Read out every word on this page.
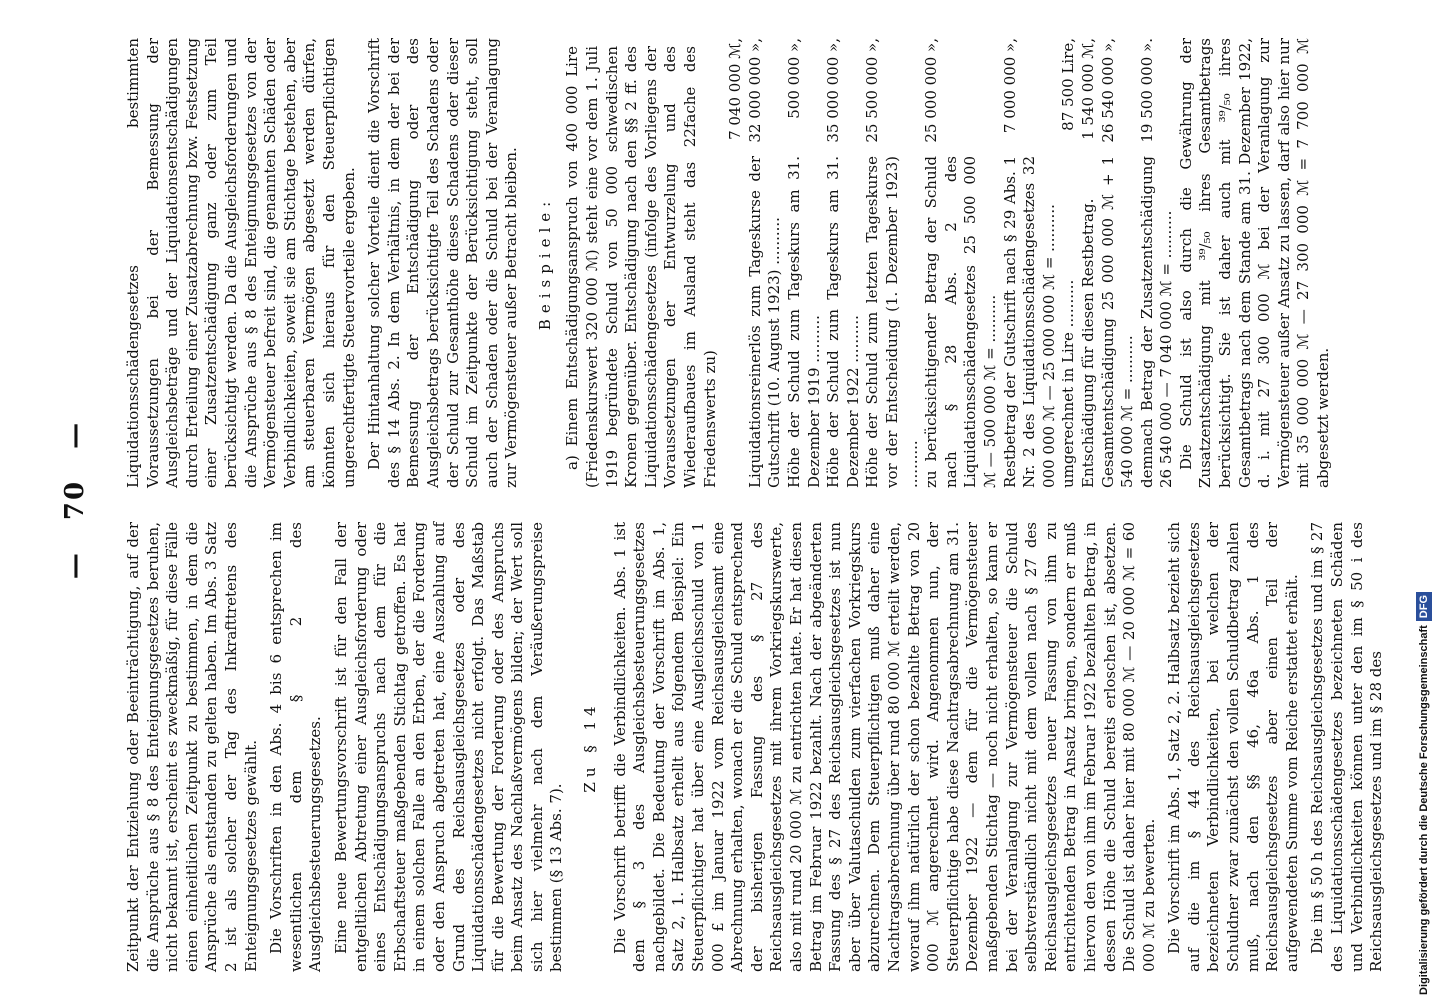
— 70 —

Zeitpunkt der Entziehung oder Beeinträchtigung, auf der die Ansprüche aus § 8 des Enteignungsgesetzes beruhen, nicht bekannt ist, erscheint es zweckmäßig, für diese Fälle einen einheitlichen Zeitpunkt zu bestimmen, in dem die Ansprüche als entstanden zu gelten haben. Im Abs. 3 Satz 2 ist als solcher der Tag des Inkrafttretens des Enteignungsgesetzes gewählt. Die Vorschriften in den Abs. 4 bis 6 entsprechen im wesentlichen dem § 2 des Ausgleichsbesteuerungsgesetzes. Eine neue Bewertungsvorschrift ist für den Fall der entgeltlichen Abtretung einer Ausgleichsforderung oder eines Entschädigungsanspruchs nach dem für die Erbschaftsteuer maßgebenden Stichtag getroffen. Es hat in einem solchen Falle an den Erben, der die Forderung oder den Anspruch abgetreten hat, eine Auszahlung auf Grund des Reichsausgleichsgesetzes oder des Liquidationsschädengesetzes nicht erfolgt. Das Maßstab für die Bewertung der Forderung oder des Anspruchs beim Ansatz des Nachlaßvermögens bilden; der Wert soll sich hier vielmehr nach dem Veräußerungspreise bestimmen (§ 13 Abs. 7).

Zu § 14 Die Vorschrift betrifft die Verbindlichkeiten. Abs. 1 ist dem § 3 des Ausgleichsbesteuerungsgesetzes nachgebildet. Die Bedeutung der Vorschrift im Abs. 1, Satz 2, 1. Halbsatz erhellt aus folgendem Beispiel: Ein Steuerpflichtiger hat über eine Ausgleichsschuld von 1 000 £ im Januar 1922 vom Reichsausgleichsamt eine Abrechnung erhalten, wonach er die Schuld entsprechend der bisherigen Fassung des § 27 des Reichsausgleichsgesetzes mit ihrem Vorkriegskurswerte, also mit rund 20 000 ℳ zu entrichten hatte. Er hat diesen Betrag im Februar 1922 bezahlt. Nach der abgeänderten Fassung des § 27 des Reichsausgleichsgesetzes ist nun aber über Valutaschulden zum vierfachen Vorkriegskurs abzurechnen. Dem Steuerpflichtigen muß daher eine Nachtragsabrechnung über rund 80 000 ℳ erteilt werden, worauf ihm natürlich der schon bezahlte Betrag von 20 000 ℳ angerechnet wird. Angenommen nun, der Steuerpflichtige habe diese Nachtragsabrechnung am 31. Dezember 1922 — dem für die Vermögensteuer maßgebenden Stichtag — noch nicht erhalten, so kann er bei der Veranlagung zur Vermögensteuer die Schuld selbstverständlich nicht mit dem vollen nach § 27 des Reichsausgleichsgesetzes neuer Fassung von ihm zu entrichtenden Betrag in Ansatz bringen, sondern er muß hiervon den von ihm im Februar 1922 bezahlten Betrag, in dessen Höhe die Schuld bereits erloschen ist, absetzen. Die Schuld ist daher hier mit 80 000 ℳ — 20 000 ℳ = 60 000 ℳ zu bewerten. Die Vorschrift im Abs. 1, Satz 2, 2. Halbsatz bezieht sich auf die im § 44 des Reichsausgleichsgesetzes bezeichneten Verbindlichkeiten, bei welchen der Schuldner zwar zunächst den vollen Schuldbetrag zahlen muß, nach den §§ 46, 46a Abs. 1 des Reichsausgleichsgesetzes aber einen Teil der aufgewendeten Summe vom Reiche erstattet erhält. Die im § 50 h des Reichsausgleichsgesetzes und im § 27 des Liquidationsschädengesetzes bezeichneten Schäden und Verbindlichkeiten können unter den im § 50 i des Reichsausgleichsgesetzes und im § 28 des

Liquidationsschädengesetzes bestimmten Voraussetzungen bei der Bemessung der Ausgleichsbeträge und der Liquidationsentschädigungen durch Erteilung einer Zusatzabrechnung bzw. Festsetzung einer Zusatzentschädigung ganz oder zum Teil berücksichtigt werden. Da die Ausgleichsforderungen und die Ansprüche aus § 8 des Enteignungsgesetzes von der Vermögensteuer befreit sind, die genannten Schäden oder Verbindlichkeiten, soweit sie am Stichtage bestehen, aber am steuerbaren Vermögen abgesetzt werden dürfen, könnten sich hieraus für den Steuerpflichtigen ungerechtfertigte Steuervorteile ergeben. Der Hintanhaltung solcher Vorteile dient die Vorschrift des § 14 Abs. 2. In dem Verhältnis, in dem der bei der Bemessung der Entschädigung oder des Ausgleichsbetrags berücksichtigte Teil des Schadens oder der Schuld zur Gesamthöhe dieses Schadens oder dieser Schuld im Zeitpunkte der Berücksichtigung steht, soll auch der Schaden oder die Schuld bei der Veranlagung zur Vermögensteuer außer Betracht bleiben. Beispiele: a) Einem Entschädigungsanspruch von 400 000 Lire (Friedenskurswert 320 000 ℳ) steht eine vor dem 1. Juli 1919 begründete Schuld von 50 000 schwedischen Kronen gegenüber. Entschädigung nach den §§ 2 ff. des Liquidationsschädengesetzes (infolge des Vorliegens der Voraussetzungen der Entwurzelung und des Wiederaufbaues im Ausland steht das 22fache des Friedenswerts zu)

7 040 000 ℳ,
Liquidationsreinerlös zum Tageskurse der Gutschrift (10. August 1923) ..........
32 000 000 »,
Höhe der Schuld zum Tageskurs am 31. Dezember 1919 ..........
500 000 »,
Höhe der Schuld zum Tageskurs am 31. Dezember 1922 ..........
35 000 000 »,
Höhe der Schuld zum letzten Tageskurse vor der Entscheidung (1. Dezember 1923) ..........
25 500 000 »,
zu berücksichtigender Betrag der Schuld nach § 28 Abs. 2 des Liquidationsschädengesetzes 25 500 000 ℳ — 500 000 ℳ = ..........
25 000 000 »,
Restbetrag der Gutschrift nach § 29 Abs. 1 Nr. 2 des Liquidationsschädengesetzes 32 000 000 ℳ — 25 000 000 ℳ = ..........
7 000 000 »,
umgerechnet in Lire ..........
87 500 Lire,
Entschädigung für diesen Restbetrag.
1 540 000 ℳ,
Gesamtentschädigung 25 000 000 ℳ + 1 540 000 ℳ = ..........
26 540 000 »,
demnach Betrag der Zusatzentschädigung 26 540 000 — 7 040 000 ℳ = ..........
19 500 000 ». Die Schuld ist also durch die Gewährung der Zusatzentschädigung mit ³⁹/₅₀ ihres Gesamtbetrags berücksichtigt. Sie ist daher auch mit ³⁹/₅₀ ihres Gesamtbetrags nach dem Stande am 31. Dezember 1922, d. i. mit 27 300 000 ℳ bei der Veranlagung zur Vermögensteuer außer Ansatz zu lassen, darf also hier nur mit 35 000 000 ℳ — 27 300 000 ℳ = 7 700 000 ℳ abgesetzt werden.

Digitalisierung gefördert durch die Deutsche ForschungsgemeinschaftDFG
